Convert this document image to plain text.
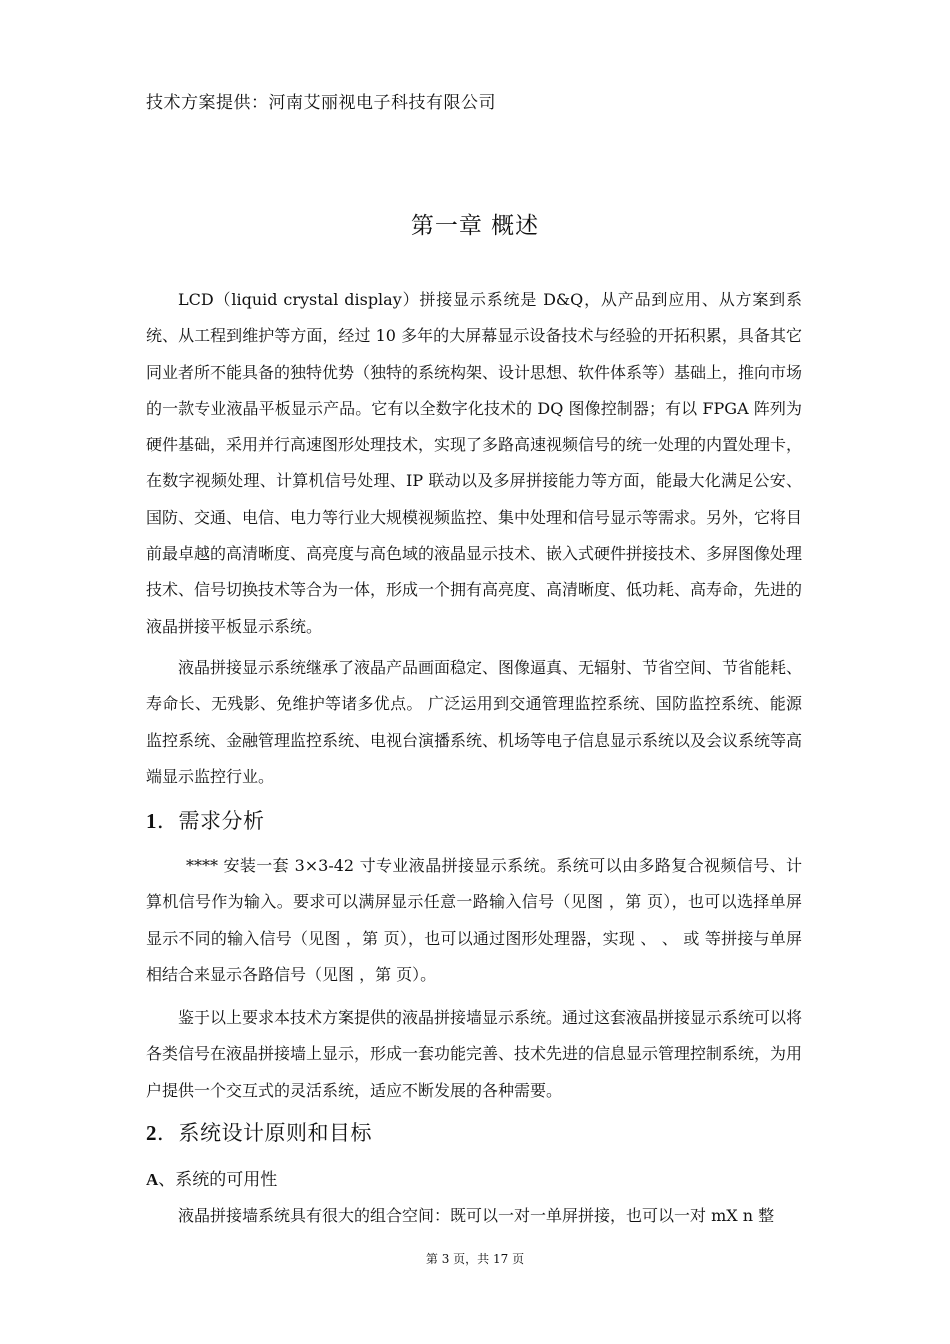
技术方案提供：河南艾丽视电子科技有限公司
第一章 概述

LCD（liquid crystal display）拼接显示系统是 D&Q，从产品到应用、从方案到系统、从工程到维护等方面，经过 10 多年的大屏幕显示设备技术与经验的开拓积累，具备其它同业者所不能具备的独特优势（独特的系统构架、设计思想、软件体系等）基础上，推向市场的一款专业液晶平板显示产品。它有以全数字化技术的 DQ 图像控制器；有以 FPGA 阵列为硬件基础，采用并行高速图形处理技术，实现了多路高速视频信号的统一处理的内置处理卡，在数字视频处理、计算机信号处理、IP 联动以及多屏拼接能力等方面，能最大化满足公安、国防、交通、电信、电力等行业大规模视频监控、集中处理和信号显示等需求。另外，它将目前最卓越的高清晰度、高亮度与高色域的液晶显示技术、嵌入式硬件拼接技术、多屏图像处理技术、信号切换技术等合为一体，形成一个拥有高亮度、高清晰度、低功耗、高寿命，先进的液晶拼接平板显示系统。

液晶拼接显示系统继承了液晶产品画面稳定、图像逼真、无辐射、节省空间、节省能耗、寿命长、无残影、免维护等诸多优点。 广泛运用到交通管理监控系统、国防监控系统、能源监控系统、金融管理监控系统、电视台演播系统、机场等电子信息显示系统以及会议系统等高端显示监控行业。

1．需求分析

**** 安装一套 3×3-42 寸专业液晶拼接显示系统。系统可以由多路复合视频信号、计算机信号作为输入。要求可以满屏显示任意一路输入信号（见图 ，第 页），也可以选择单屏显示不同的输入信号（见图 ，第 页），也可以通过图形处理器，实现 、 、 或 等拼接与单屏相结合来显示各路信号（见图 ，第 页）。

鉴于以上要求本技术方案提供的液晶拼接墙显示系统。通过这套液晶拼接显示系统可以将各类信号在液晶拼接墙上显示，形成一套功能完善、技术先进的信息显示管理控制系统，为用户提供一个交互式的灵活系统，适应不断发展的各种需要。

2．系统设计原则和目标
A、系统的可用性

液晶拼接墙系统具有很大的组合空间：既可以一对一单屏拼接，也可以一对 mX n 整

第 3 页，共 17 页
